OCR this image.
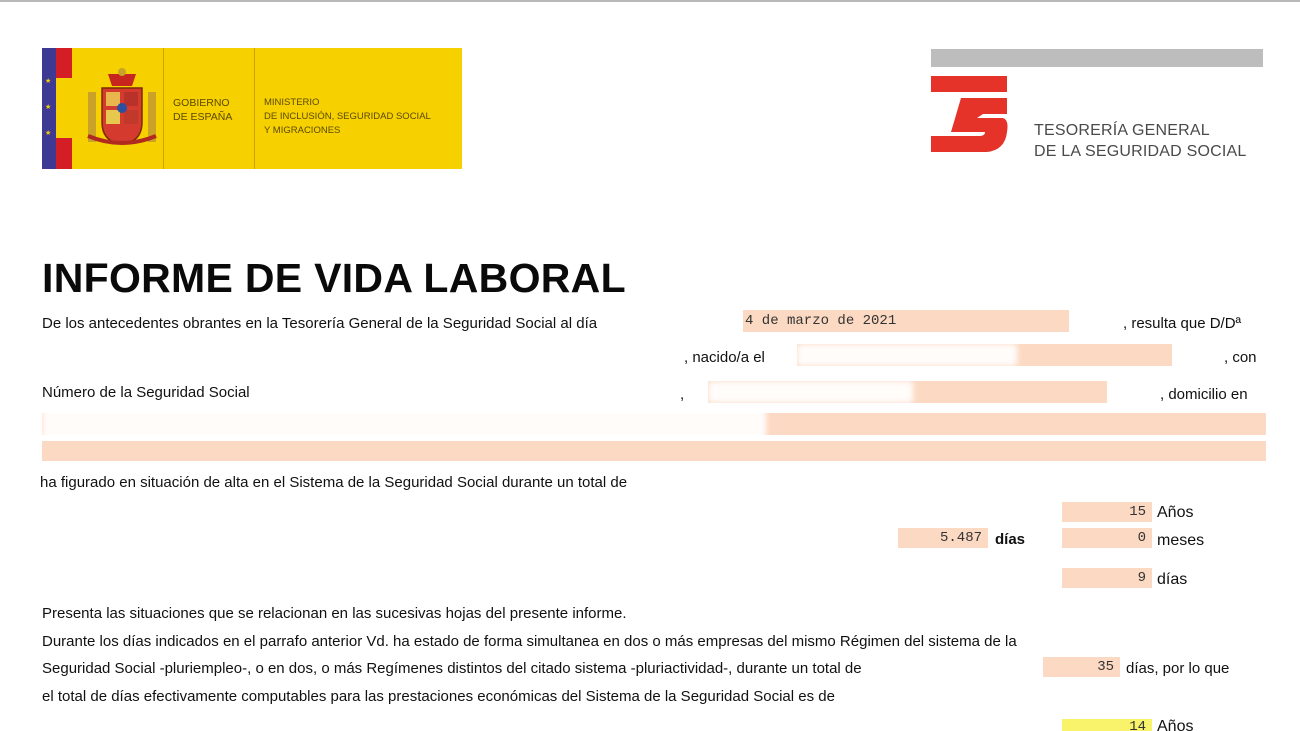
★
★
★
GOBIERNO
DE ESPAÑA
MINISTERIO
DE INCLUSIÓN, SEGURIDAD SOCIAL
Y MIGRACIONES	TESORERÍA GENERAL
DE LA SEGURIDAD SOCIAL
INFORME DE VIDA LABORAL
De los antecedentes obrantes en la Tesorería General de la Seguridad Social al día	4 de marzo de 2021	, resulta que D/Dª
, nacido/a el	, con
Número de la Seguridad Social	,	, domicilio en
ha figurado en situación de alta en el Sistema de la Seguridad Social durante un total de
15 Años
5.487 días	0 meses
9 días
Presenta las situaciones que se relacionan en las sucesivas hojas del presente informe.
Durante los días indicados en el parrafo anterior Vd. ha estado de forma simultanea en dos o más empresas del mismo Régimen del sistema de la
Seguridad Social -pluriempleo-, o en dos, o más Regímenes distintos del citado sistema -pluriactividad-, durante un total de	35 días, por lo que
el total de días efectivamente computables para las prestaciones económicas del Sistema de la Seguridad Social es de
14 Años
